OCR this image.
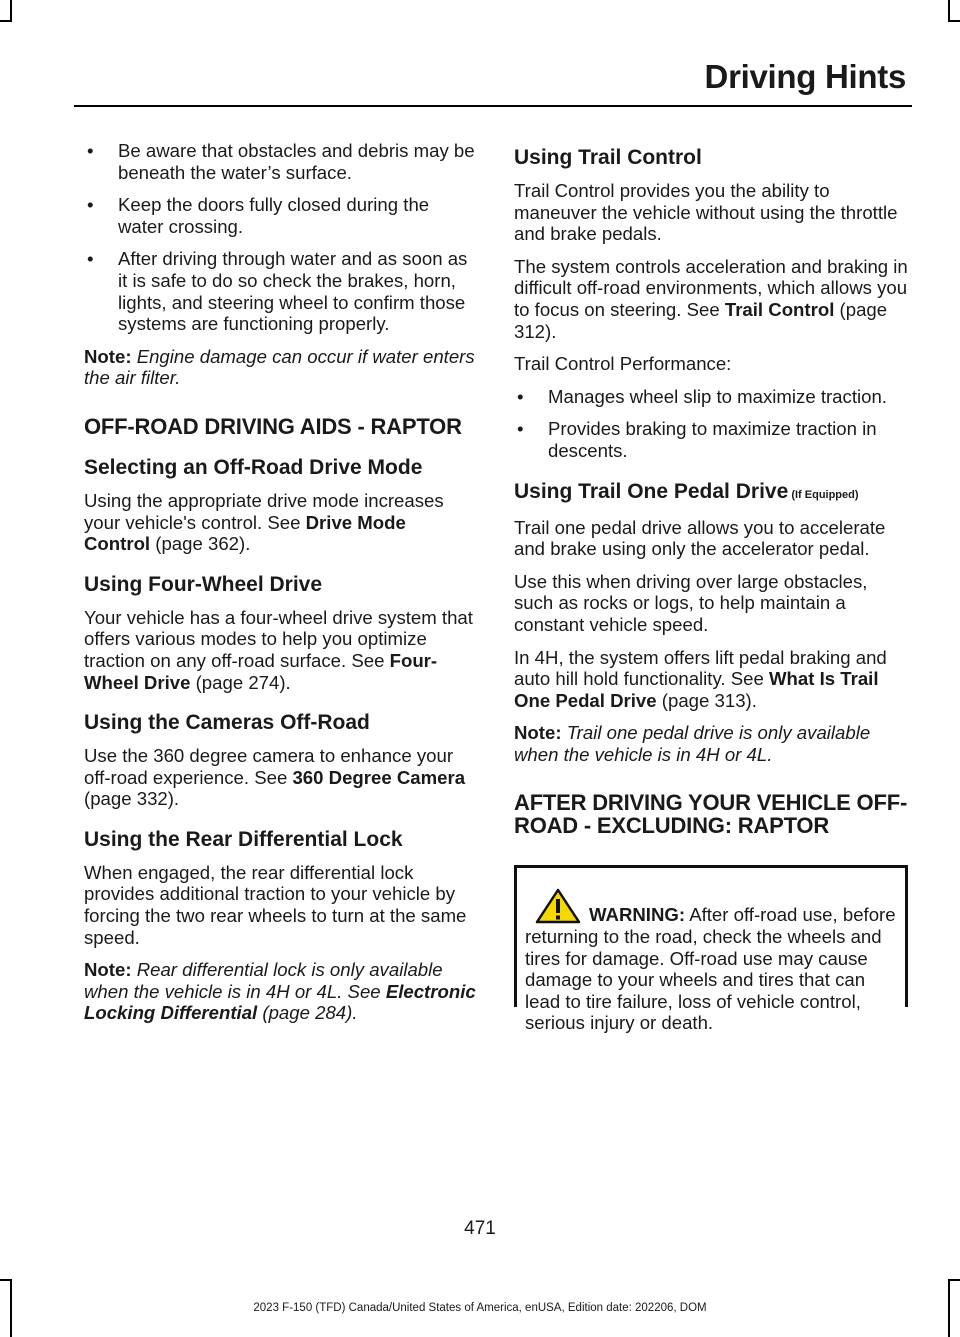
Driving Hints
• Be aware that obstacles and debris may be beneath the water’s surface.
• Keep the doors fully closed during the water crossing.
• After driving through water and as soon as it is safe to do so check the brakes, horn, lights, and steering wheel to confirm those systems are functioning properly.

Note: Engine damage can occur if water enters the air filter.

OFF-ROAD DRIVING AIDS - RAPTOR
Selecting an Off-Road Drive Mode

Using the appropriate drive mode increases your vehicle's control. See Drive Mode Control (page 362).

Using Four-Wheel Drive

Your vehicle has a four-wheel drive system that offers various modes to help you optimize traction on any off-road surface. See Four-Wheel Drive (page 274).

Using the Cameras Off-Road

Use the 360 degree camera to enhance your off-road experience. See 360 Degree Camera (page 332).

Using the Rear Differential Lock

When engaged, the rear differential lock provides additional traction to your vehicle by forcing the two rear wheels to turn at the same speed.

Note: Rear differential lock is only available when the vehicle is in 4H or 4L. See Electronic Locking Differential (page 284).

Using Trail Control

Trail Control provides you the ability to maneuver the vehicle without using the throttle and brake pedals.

The system controls acceleration and braking in difficult off-road environments, which allows you to focus on steering. See Trail Control (page 312).

Trail Control Performance:

• Manages wheel slip to maximize traction.
• Provides braking to maximize traction in descents.
Using Trail One Pedal Drive (If Equipped)

Trail one pedal drive allows you to accelerate and brake using only the accelerator pedal.

Use this when driving over large obstacles, such as rocks or logs, to help maintain a constant vehicle speed.

In 4H, the system offers lift pedal braking and auto hill hold functionality. See What Is Trail One Pedal Drive (page 313).

Note: Trail one pedal drive is only available when the vehicle is in 4H or 4L.

AFTER DRIVING YOUR VEHICLE OFF-ROAD - EXCLUDING: RAPTOR

WARNING: After off-road use, before returning to the road, check the wheels and tires for damage. Off-road use may cause damage to your wheels and tires that can lead to tire failure, loss of vehicle control, serious injury or death.

471
2023 F-150 (TFD) Canada/United States of America, enUSA, Edition date: 202206, DOM
